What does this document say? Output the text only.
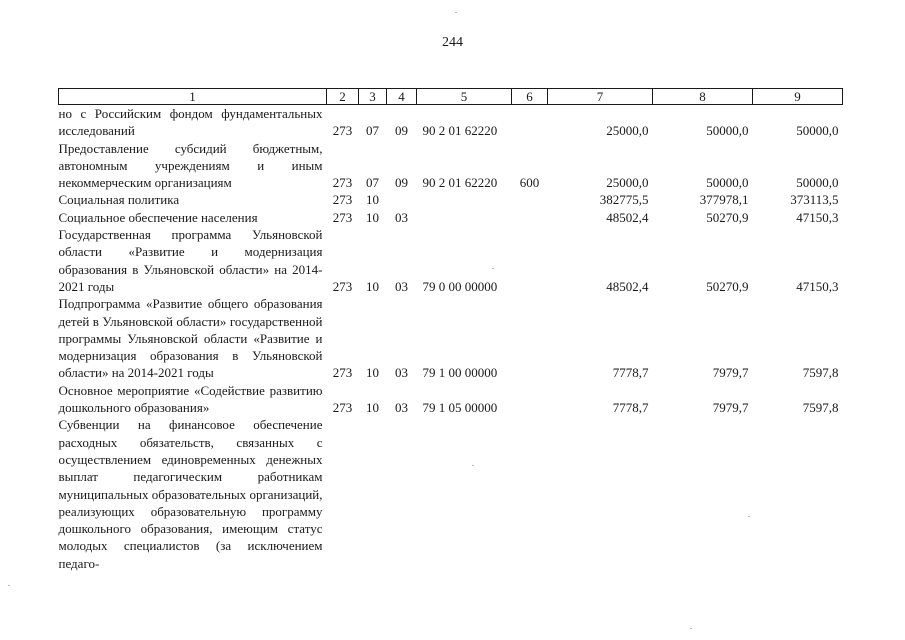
244
1	2	3	4	5	6	7	8	9
но с Российским фондом фундаментальных исследований	273	07	09	90 2 01 62220		25000,0	50000,0	50000,0
Предоставление субсидий бюджетным, автономным учреждениям и иным некоммерческим организациям	273	07	09	90 2 01 62220	600	25000,0	50000,0	50000,0
Социальная политика	273	10				382775,5	377978,1	373113,5
Социальное обеспечение населения	273	10	03			48502,4	50270,9	47150,3
Государственная программа Ульяновской области «Развитие и модернизация образования в Ульяновской области» на 2014-2021 годы	273	10	03	79 0 00 00000		48502,4	50270,9	47150,3
Подпрограмма «Развитие общего образования детей в Ульяновской области» государственной программы Ульяновской области «Развитие и модернизация образования в Ульяновской области» на 2014-2021 годы	273	10	03	79 1 00 00000		7778,7	7979,7	7597,8
Основное мероприятие «Содействие развитию дошкольного образования»	273	10	03	79 1 05 00000		7778,7	7979,7	7597,8
Субвенции на финансовое обеспечение расходных обязательств, связанных с осуществлением единовременных денежных выплат педагогическим работникам муниципальных образовательных организаций, реализующих образовательную программу дошкольного образования, имеющим статус молодых специалистов (за исключением педаго-								
